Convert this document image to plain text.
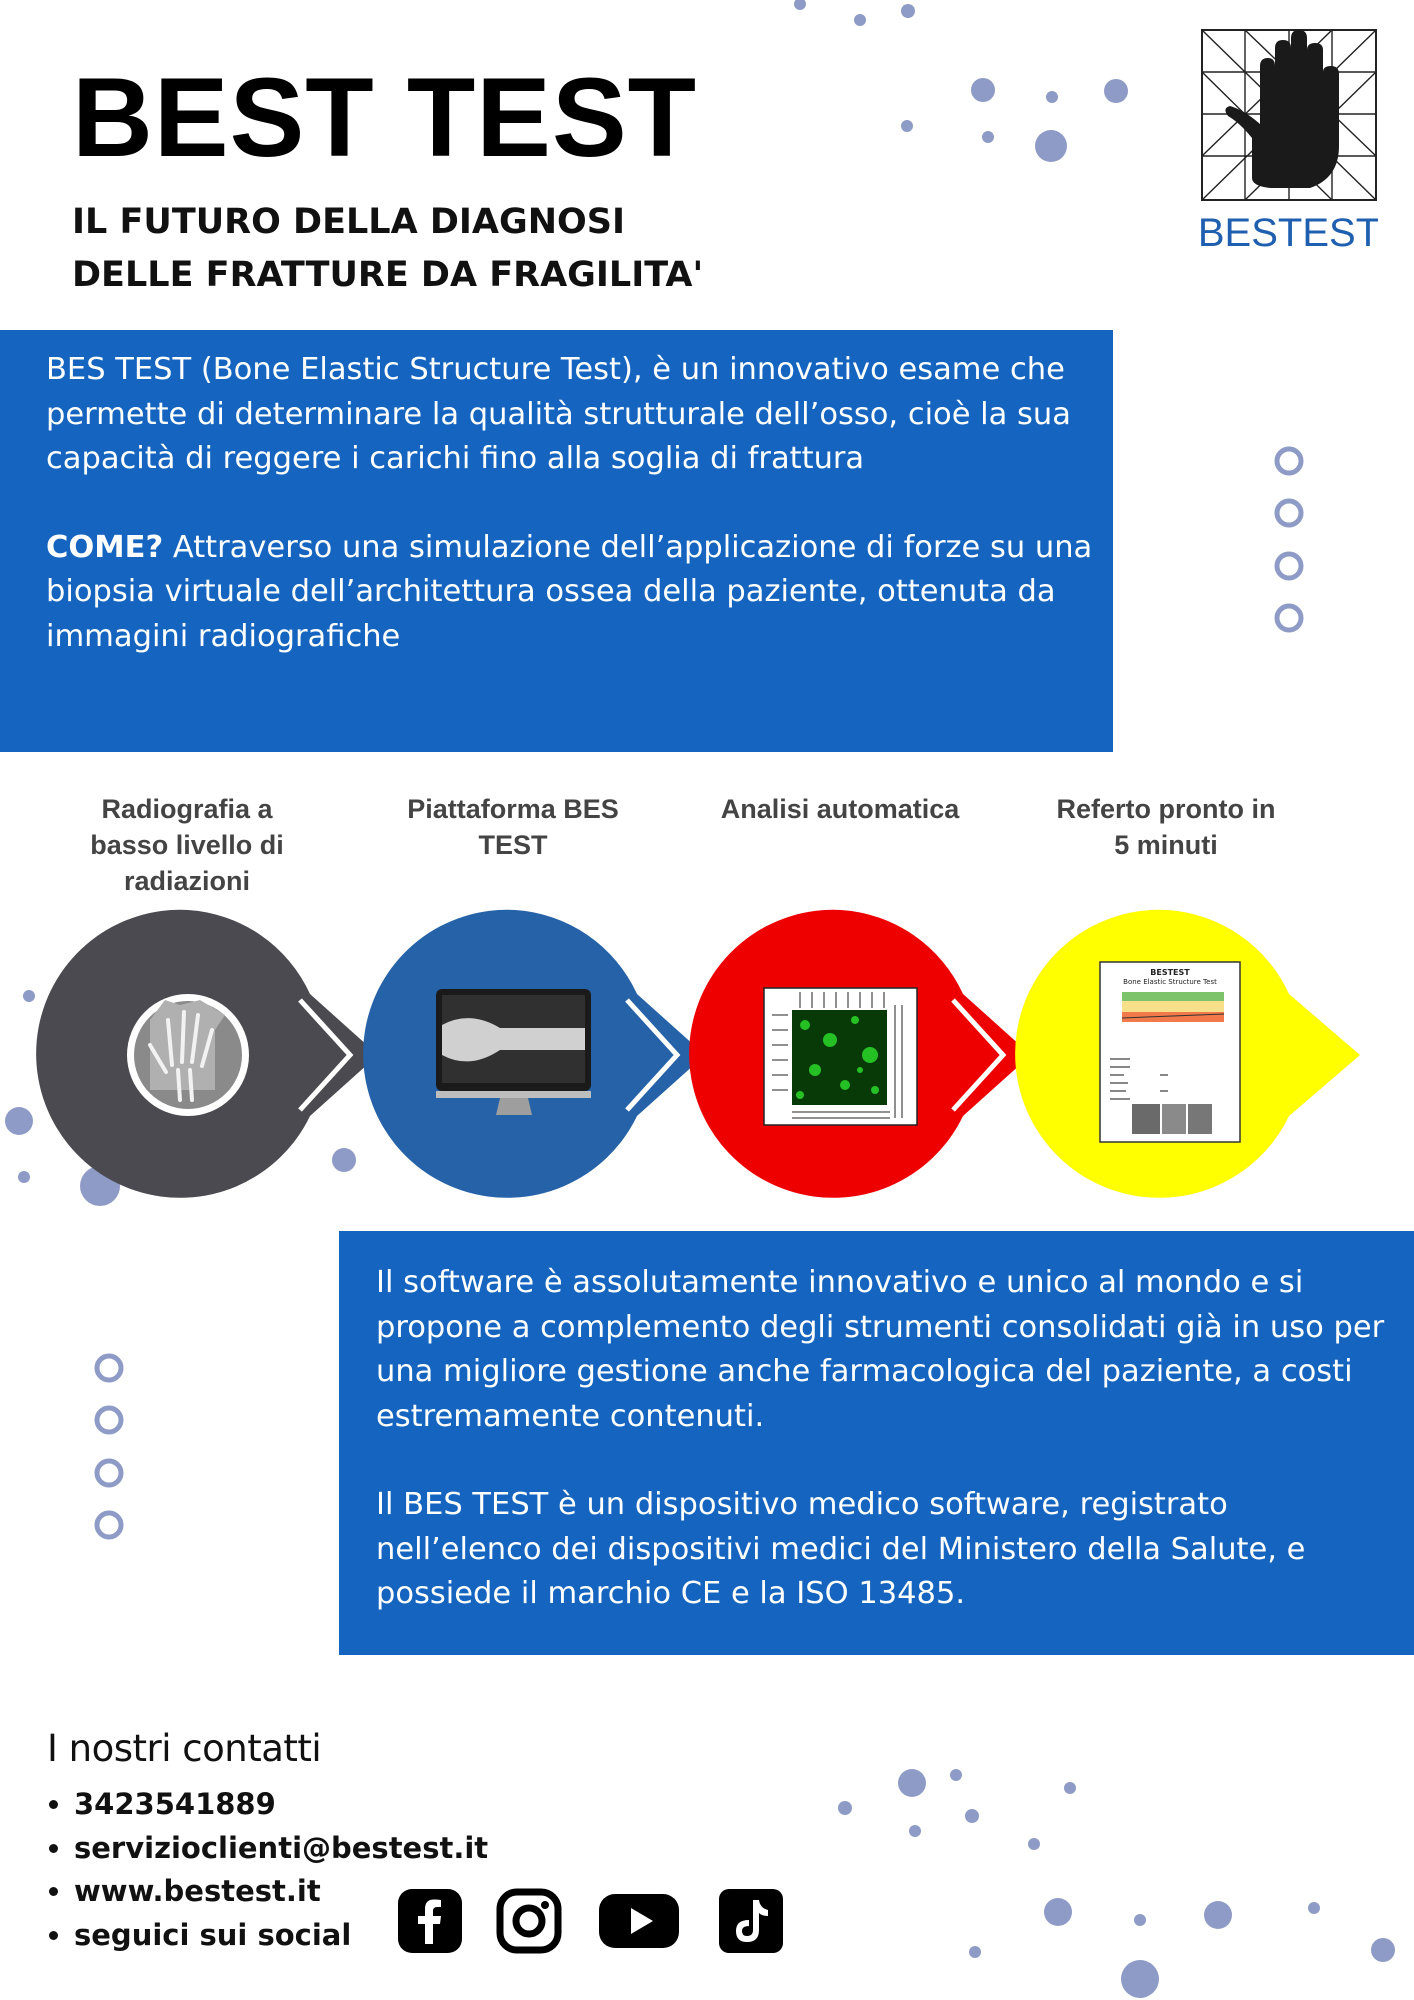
BEST TEST
IL FUTURO DELLA DIAGNOSI
DELLE FRATTURE DA FRAGILITA'
BESTEST

BES TEST (Bone Elastic Structure Test), è un innovativo esame che permette di determinare la qualità strutturale dell’osso, cioè la sua capacità di reggere i carichi fino alla soglia di frattura

COME? Attraverso una simulazione dell’applicazione di forze su una biopsia virtuale dell’architettura ossea della paziente, ottenuta da immagini radiografiche

Radiografia a basso livello di radiazioni
Piattaforma BES TEST
Analisi automatica	Referto pronto in 5 minuti
BESTEST
Bone Elastic Structure Test

Il software è assolutamente innovativo e unico al mondo e si propone a complemento degli strumenti consolidati già in uso per una migliore gestione anche farmacologica del paziente, a costi estremamente contenuti.

Il BES TEST è un dispositivo medico software, registrato nell’elenco dei dispositivi medici del Ministero della Salute, e possiede il marchio CE e la ISO 13485.

I nostri contatti
• 3423541889
• servizioclienti@bestest.it
• www.bestest.it
• seguici sui social
